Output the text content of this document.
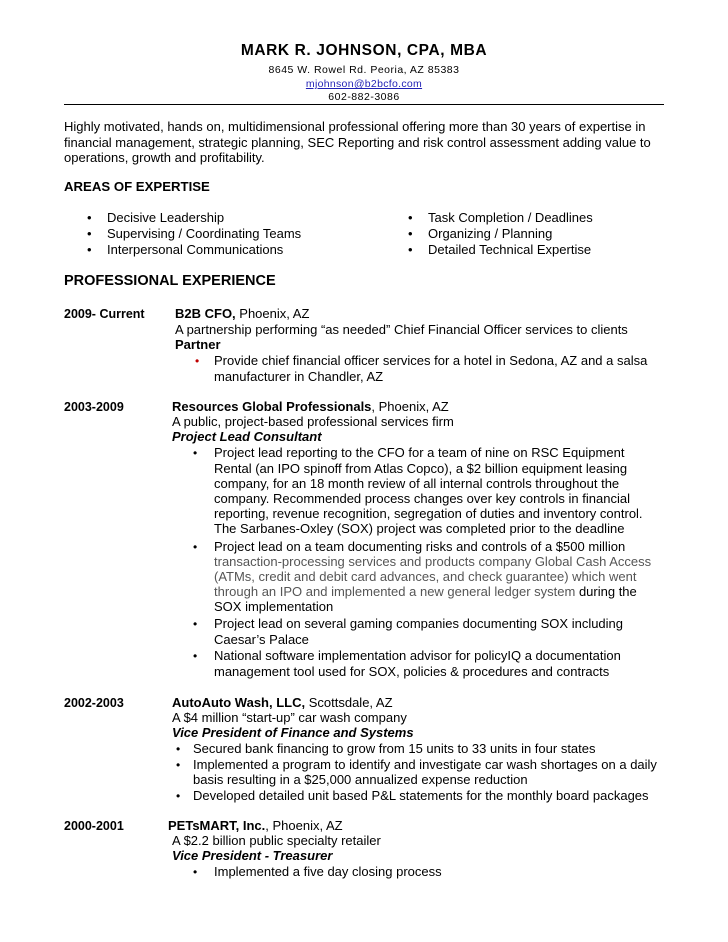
MARK R. JOHNSON, CPA, MBA
8645 W. Rowel Rd. Peoria, AZ 85383
mjohnson@b2bcfo.com
602-882-3086
Highly motivated, hands on, multidimensional professional offering more than 30 years of expertise in
financial management, strategic planning, SEC Reporting and risk control assessment adding value to
operations, growth and profitability.
AREAS OF EXPERTISE
• Decisive Leadership
• Supervising / Coordinating Teams
• Interpersonal Communications
• Task Completion / Deadlines
• Organizing / Planning
• Detailed Technical Expertise
PROFESSIONAL EXPERIENCE
2009- Current B2B CFO, Phoenix, AZ
A partnership performing “as needed” Chief Financial Officer services to clients
Partner
• Provide chief financial officer services for a hotel in Sedona, AZ and a salsa
manufacturer in Chandler, AZ
2003-2009	Resources Global Professionals, Phoenix, AZ
A public, project-based professional services firm
Project Lead Consultant
• Project lead reporting to the CFO for a team of nine on RSC Equipment
Rental (an IPO spinoff from Atlas Copco), a $2 billion equipment leasing
company, for an 18 month review of all internal controls throughout the
company. Recommended process changes over key controls in financial
reporting, revenue recognition, segregation of duties and inventory control.
The Sarbanes-Oxley (SOX) project was completed prior to the deadline
• Project lead on a team documenting risks and controls of a $500 million
transaction-processing services and products company Global Cash Access
(ATMs, credit and debit card advances, and check guarantee) which went
through an IPO and implemented a new general ledger system during the
SOX implementation
• Project lead on several gaming companies documenting SOX including
Caesar’s Palace
• National software implementation advisor for policyIQ a documentation
management tool used for SOX, policies & procedures and contracts
2002-2003	AutoAuto Wash, LLC, Scottsdale, AZ
A $4 million “start-up” car wash company
Vice President of Finance and Systems
• Secured bank financing to grow from 15 units to 33 units in four states
• Implemented a program to identify and investigate car wash shortages on a daily
basis resulting in a $25,000 annualized expense reduction
• Developed detailed unit based P&L statements for the monthly board packages
2000-2001	PETsMART, Inc., Phoenix, AZ
A $2.2 billion public specialty retailer
Vice President - Treasurer
• Implemented a five day closing process
